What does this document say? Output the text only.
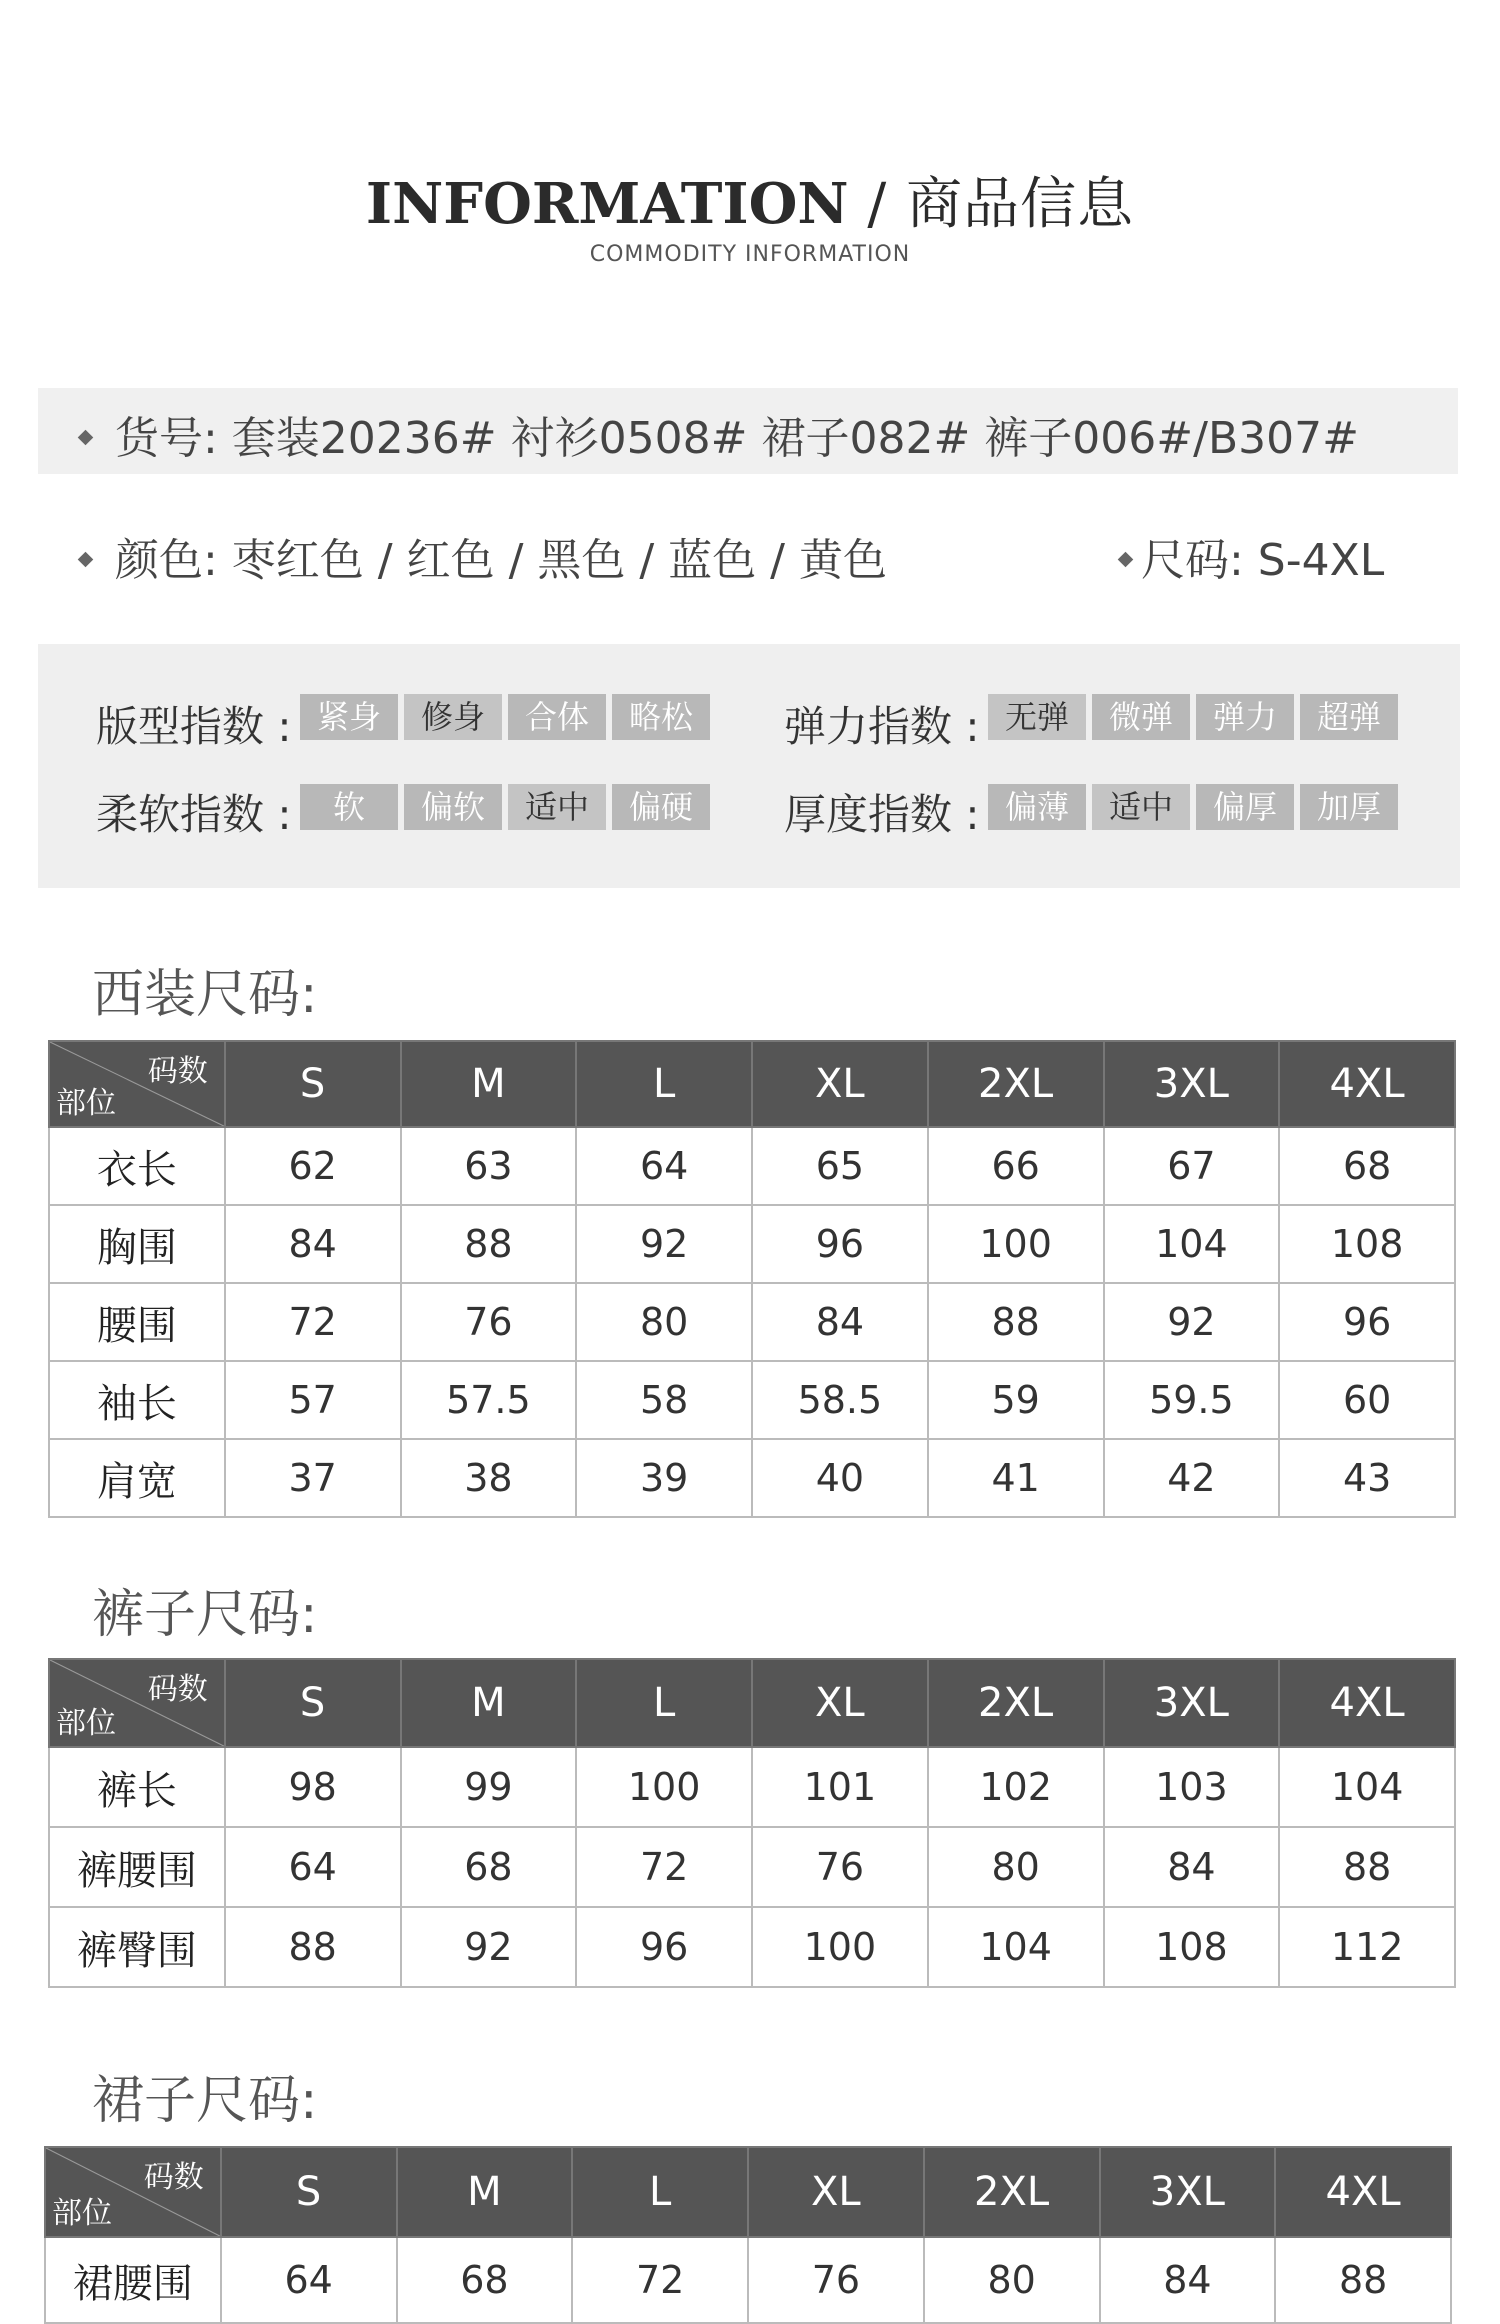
INFORMATION / 商品信息
COMMODITY INFORMATION
货号: 套装20236# 衬衫0508# 裙子082# 裤子006#/B307#
颜色: 枣红色 / 红色 / 黑色 / 蓝色 / 黄色	尺码: S-4XL
版型指数 : 紧身	修身	合体	略松	弹力指数 : 无弹	微弹	弹力	超弹
柔软指数 :	软	偏软	适中	偏硬	厚度指数 : 偏薄	适中	偏厚	加厚
西装尺码:
码数
部位	S	M	L	XL	2XL	3XL	4XL
衣长	62	63	64	65	66	67	68
胸围	84	88	92	96	100	104	108
腰围	72	76	80	84	88	92	96
袖长	57	57.5	58	58.5	59	59.5	60
肩宽	37	38	39	40	41	42	43
裤子尺码:
码数
部位	S	M	L	XL	2XL	3XL	4XL
裤长	98	99	100	101	102	103	104
裤腰围	64	68	72	76	80	84	88
裤臀围	88	92	96	100	104	108	112
裙子尺码:
码数
部位	S	M	L	XL	2XL	3XL	4XL
裙腰围	64	68	72	76	80	84	88
